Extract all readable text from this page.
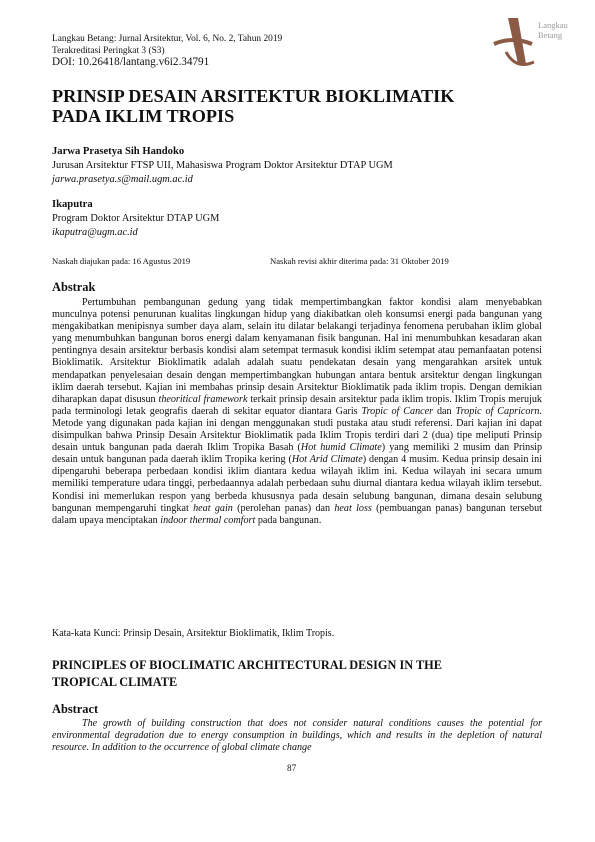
Langkau Betang: Jurnal Arsitektur, Vol. 6, No. 2, Tahun 2019
Terakreditasi Peringkat 3 (S3)
DOI: 10.26418/lantang.v6i2.34791
Langkau
Betang
PRINSIP DESAIN ARSITEKTUR BIOKLIMATIK
PADA IKLIM TROPIS
Jarwa Prasetya Sih Handoko
Jurusan Arsitektur FTSP UII, Mahasiswa Program Doktor Arsitektur DTAP UGM
jarwa.prasetya.s@mail.ugm.ac.id
Ikaputra
Program Doktor Arsitektur DTAP UGM
ikaputra@ugm.ac.id
Naskah diajukan pada: 16 Agustus 2019	Naskah revisi akhir diterima pada: 31 Oktober 2019
Abstrak

Pertumbuhan pembangunan gedung yang tidak mempertimbangkan faktor kondisi alam menyebabkan munculnya potensi penurunan kualitas lingkungan hidup yang diakibatkan oleh konsumsi energi pada bangunan yang mengakibatkan menipisnya sumber daya alam, selain itu dilatar belakangi terjadinya fenomena perubahan iklim global yang menumbuhkan bangunan boros energi dalam kenyamanan fisik bangunan. Hal ini menumbuhkan kesadaran akan pentingnya desain arsitektur berbasis kondisi alam setempat termasuk kondisi iklim setempat atau pemanfaatan potensi Bioklimatik. Arsitektur Bioklimatik adalah adalah suatu pendekatan desain yang mengarahkan arsitek untuk mendapatkan penyelesaian desain dengan mempertimbangkan hubungan antara bentuk arsitektur dengan lingkungan iklim daerah tersebut. Kajian ini membahas prinsip desain Arsitektur Bioklimatik pada iklim tropis. Dengan demikian diharapkan dapat disusun theoritical framework terkait prinsip desain arsitektur pada iklim tropis. Iklim Tropis merujuk pada terminologi letak geografis daerah di sekitar equator diantara Garis Tropic of Cancer dan Tropic of Capricorn. Metode yang digunakan pada kajian ini dengan menggunakan studi pustaka atau studi referensi. Dari kajian ini dapat disimpulkan bahwa Prinsip Desain Arsitektur Bioklimatik pada Iklim Tropis terdiri dari 2 (dua) tipe meliputi Prinsip desain untuk bangunan pada daerah Iklim Tropika Basah (Hot humid Climate) yang memiliki 2 musim dan Prinsip desain untuk bangunan pada daerah iklim Tropika kering (Hot Arid Climate) dengan 4 musim. Kedua prinsip desain ini dipengaruhi beberapa perbedaan kondisi iklim diantara kedua wilayah iklim ini. Kedua wilayah ini secara umum memiliki temperature udara tinggi, perbedaannya adalah perbedaan suhu diurnal diantara kedua wilayah iklim tersebut. Kondisi ini memerlukan respon yang berbeda khususnya pada desain selubung bangunan, dimana desain selubung bangunan mempengaruhi tingkat heat gain (perolehan panas) dan heat loss (pembuangan panas) bangunan tersebut dalam upaya menciptakan indoor thermal comfort pada bangunan.

Kata-kata Kunci: Prinsip Desain, Arsitektur Bioklimatik, Iklim Tropis.
PRINCIPLES OF BIOCLIMATIC ARCHITECTURAL DESIGN IN THE
TROPICAL CLIMATE
Abstract

The growth of building construction that does not consider natural conditions causes the potential for environmental degradation due to energy consumption in buildings, which and results in the depletion of natural resource. In addition to the occurrence of global climate change

87
